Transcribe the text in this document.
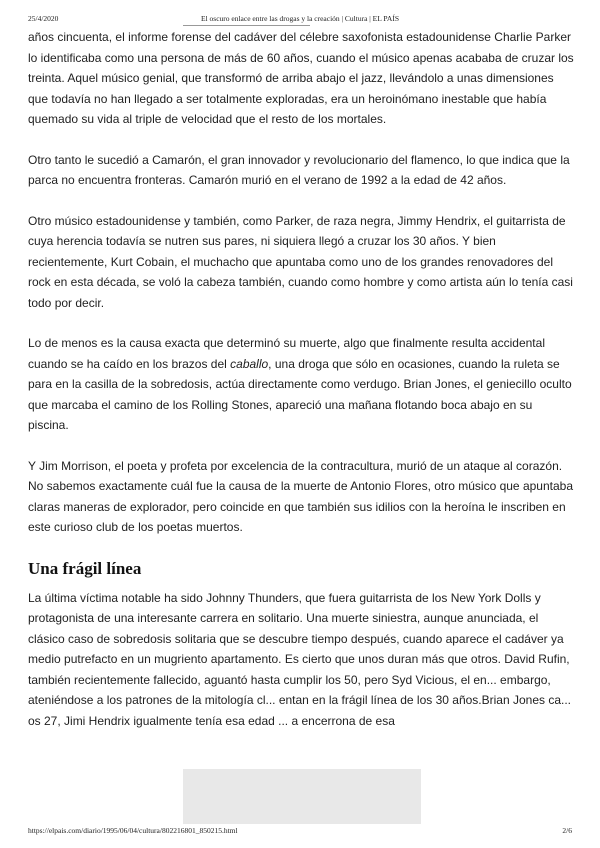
25/4/2020	El oscuro enlace entre las drogas y la creación | Cultura | EL PAÍS

años cincuenta, el informe forense del cadáver del célebre saxofonista estadounidense Charlie Parker lo identificaba como una persona de más de 60 años, cuando el músico apenas acababa de cruzar los treinta. Aquel músico genial, que transformó de arriba abajo el jazz, llevándolo a unas dimensiones que todavía no han llegado a ser totalmente exploradas, era un heroinómano inestable que había quemado su vida al triple de velocidad que el resto de los mortales.

Otro tanto le sucedió a Camarón, el gran innovador y revolucionario del flamenco, lo que indica que la parca no encuentra fronteras. Camarón murió en el verano de 1992 a la edad de 42 años.

Otro músico estadounidense y también, como Parker, de raza negra, Jimmy Hendrix, el guitarrista de cuya herencia todavía se nutren sus pares, ni siquiera llegó a cruzar los 30 años. Y bien recientemente, Kurt Cobain, el muchacho que apuntaba como uno de los grandes renovadores del rock en esta década, se voló la cabeza también, cuando como hombre y como artista aún lo tenía casi todo por decir.

Lo de menos es la causa exacta que determinó su muerte, algo que finalmente resulta accidental cuando se ha caído en los brazos del caballo, una droga que sólo en ocasiones, cuando la ruleta se para en la casilla de la sobredosis, actúa directamente como verdugo. Brian Jones, el geniecillo oculto que marcaba el camino de los Rolling Stones, apareció una mañana flotando boca abajo en su piscina.

Y Jim Morrison, el poeta y profeta por excelencia de la contracultura, murió de un ataque al corazón. No sabemos exactamente cuál fue la causa de la muerte de Antonio Flores, otro músico que apuntaba claras maneras de explorador, pero coincide en que también sus idilios con la heroína le inscriben en este curioso club de los poetas muertos.

Una frágil línea

La última víctima notable ha sido Johnny Thunders, que fuera guitarrista de los New York Dolls y protagonista de una interesante carrera en solitario. Una muerte siniestra, aunque anunciada, el clásico caso de sobredosis solitaria que se descubre tiempo después, cuando aparece el cadáver ya medio putrefacto en un mugriento apartamento. Es cierto que unos duran más que otros. David Rufin, también recientemente fallecido, aguantó hasta cumplir los 50, pero Syd Vicious, el en... embargo, ateniéndose a los patrones de la mitología cl... entan en la frágil línea de los 30 años.Brian Jones ca... os 27, Jimi Hendrix igualmente tenía esa edad ... a encerrona de esa

https://elpais.com/diario/1995/06/04/cultura/802216801_850215.html	2/6
